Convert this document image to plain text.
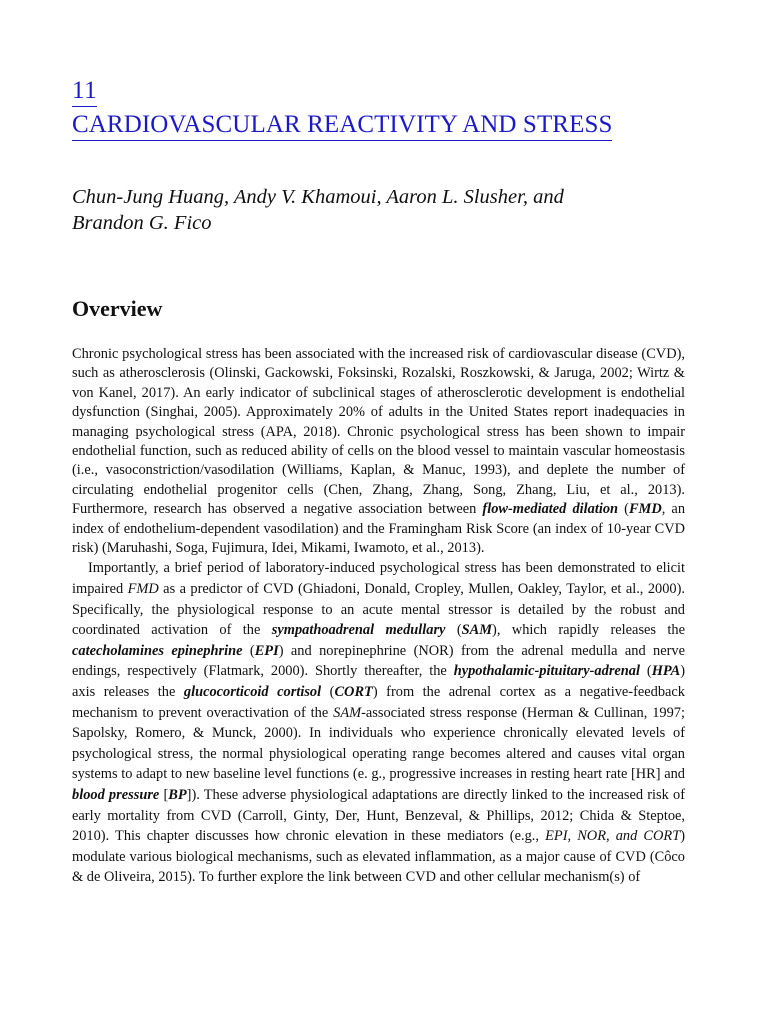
11
CARDIOVASCULAR REACTIVITY AND STRESS
Chun-Jung Huang, Andy V. Khamoui, Aaron L. Slusher, and
Brandon G. Fico
Overview

Chronic psychological stress has been associated with the increased risk of cardiovascular disease (CVD), such as atherosclerosis (Olinski, Gackowski, Foksinski, Rozalski, Roszkowski, & Jaruga, 2002; Wirtz & von Kanel, 2017). An early indicator of subclinical stages of atherosclerotic development is endothelial dysfunction (Singhai, 2005). Approximately 20% of adults in the United States report inadequacies in managing psychological stress (APA, 2018). Chronic psychological stress has been shown to impair endothelial function, such as reduced ability of cells on the blood vessel to maintain vascular homeostasis (i.e., vasoconstriction/vasodilation (Williams, Kaplan, & Manuc, 1993), and deplete the number of circulating endothelial progenitor cells (Chen, Zhang, Zhang, Song, Zhang, Liu, et al., 2013). Furthermore, research has observed a negative association between flow-mediated dilation (FMD, an index of endothelium-dependent vasodilation) and the Framingham Risk Score (an index of 10-year CVD risk) (Maruhashi, Soga, Fujimura, Idei, Mikami, Iwamoto, et al., 2013).

Importantly, a brief period of laboratory-induced psychological stress has been demonstrated to elicit impaired FMD as a predictor of CVD (Ghiadoni, Donald, Cropley, Mullen, Oakley, Taylor, et al., 2000). Specifically, the physiological response to an acute mental stressor is detailed by the robust and coordinated activation of the sympathoadrenal medullary (SAM), which rapidly releases the catecholamines epinephrine (EPI) and norepinephrine (NOR) from the adrenal medulla and nerve endings, respectively (Flatmark, 2000). Shortly thereafter, the hypothalamic-pituitary-adrenal (HPA) axis releases the glucocorticoid cortisol (CORT) from the adrenal cortex as a negative-feedback mechanism to prevent overactivation of the SAM-associated stress response (Herman & Cullinan, 1997; Sapolsky, Romero, & Munck, 2000). In individuals who experience chronically elevated levels of psychological stress, the normal physiological operating range becomes altered and causes vital organ systems to adapt to new baseline level functions (e. g., progressive increases in resting heart rate [HR] and blood pressure [BP]). These adverse physiological adaptations are directly linked to the increased risk of early mortality from CVD (Carroll, Ginty, Der, Hunt, Benzeval, & Phillips, 2012; Chida & Steptoe, 2010). This chapter discusses how chronic elevation in these mediators (e.g., EPI, NOR, and CORT) modulate various biological mechanisms, such as elevated inflammation, as a major cause of CVD (Côco & de Oliveira, 2015). To further explore the link between CVD and other cellular mechanism(s) of
